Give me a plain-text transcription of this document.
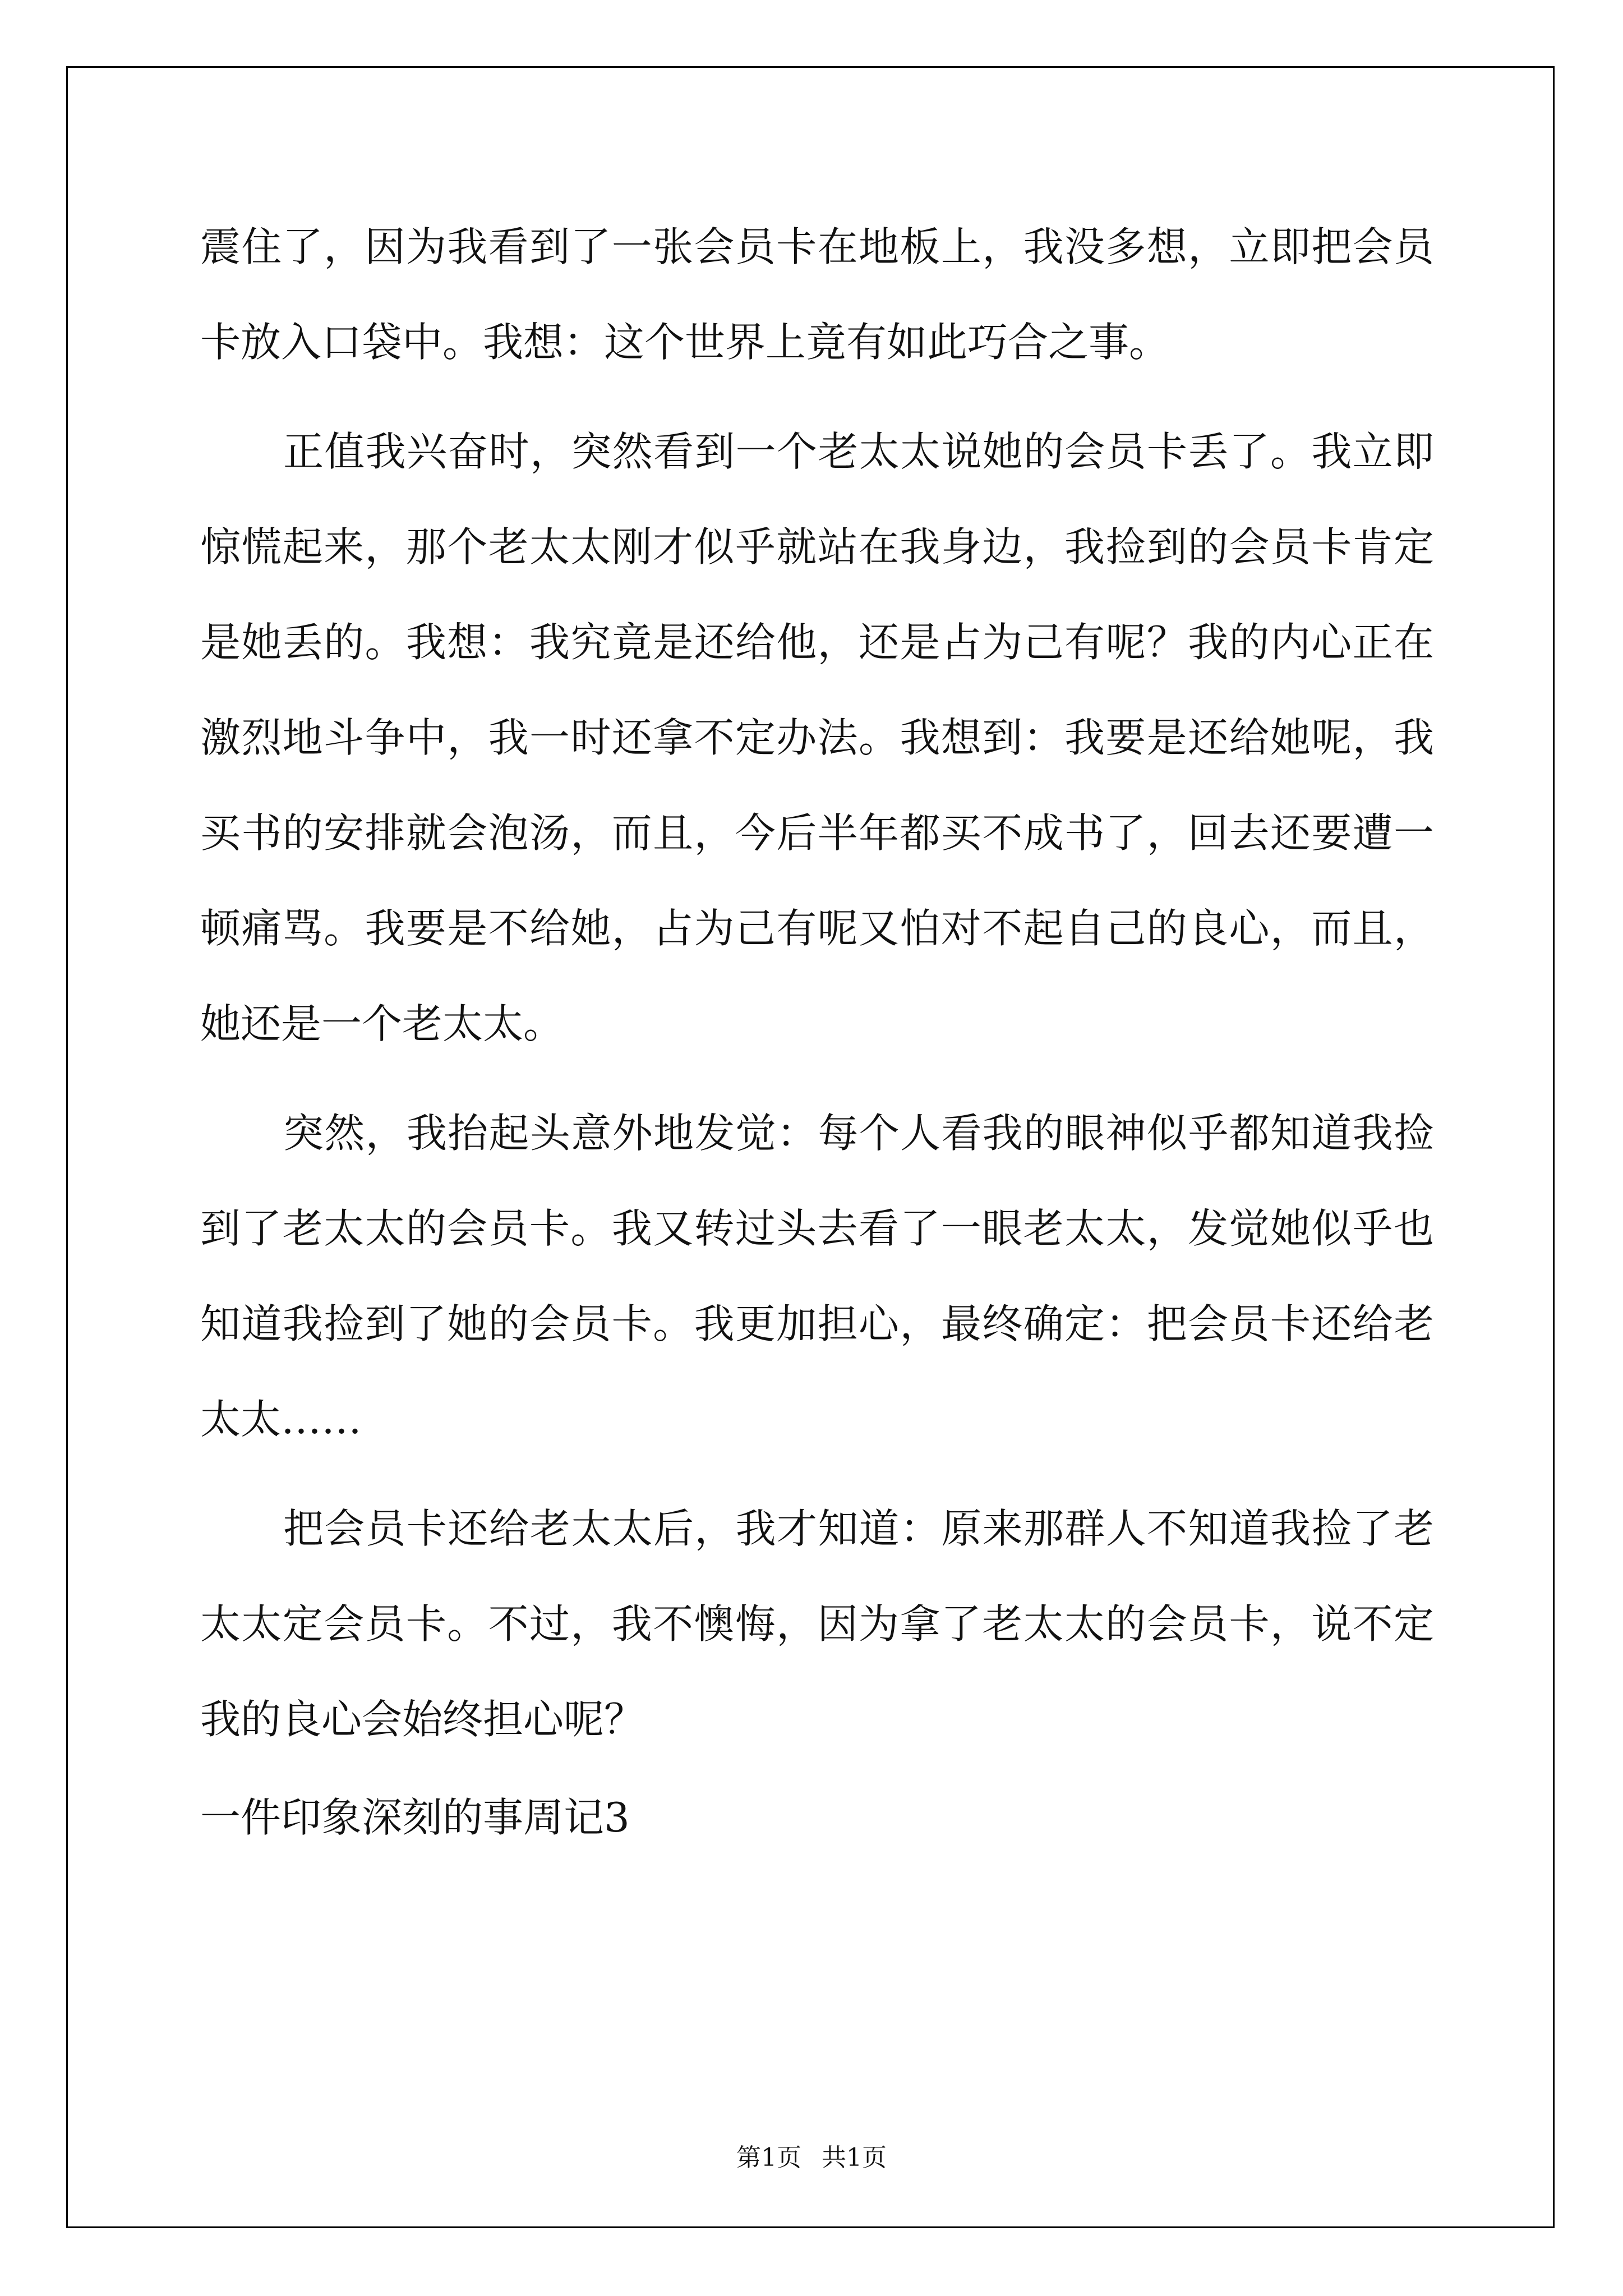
震住了，因为我看到了一张会员卡在地板上，我没多想，立即把会员
卡放入口袋中。我想：这个世界上竟有如此巧合之事。
正值我兴奋时，突然看到一个老太太说她的会员卡丢了。我立即
惊慌起来，那个老太太刚才似乎就站在我身边，我捡到的会员卡肯定
是她丢的。我想：我究竟是还给他，还是占为己有呢？我的内心正在
激烈地斗争中，我一时还拿不定办法。我想到：我要是还给她呢，我
买书的安排就会泡汤，而且，今后半年都买不成书了，回去还要遭一
顿痛骂。我要是不给她，占为己有呢又怕对不起自己的良心，而且，
她还是一个老太太。
突然，我抬起头意外地发觉：每个人看我的眼神似乎都知道我捡
到了老太太的会员卡。我又转过头去看了一眼老太太，发觉她似乎也
知道我捡到了她的会员卡。我更加担心，最终确定：把会员卡还给老
太太……
把会员卡还给老太太后，我才知道：原来那群人不知道我捡了老
太太定会员卡。不过，我不懊悔，因为拿了老太太的会员卡，说不定
我的良心会始终担心呢？
一件印象深刻的事周记3
第1页 共1页
